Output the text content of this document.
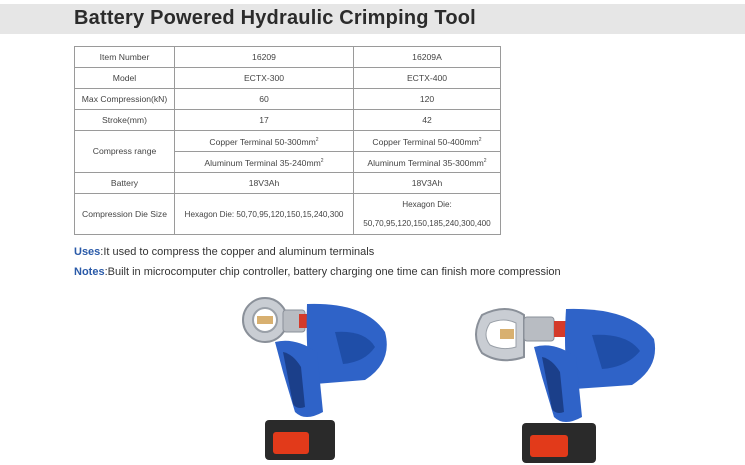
Battery Powered Hydraulic Crimping Tool
Item Number	16209	16209A
Model	ECTX-300	ECTX-400
Max Compression(kN)	60	120
Stroke(mm)	17	42
Compress range	Copper Terminal $50-300mm^2$	Copper Terminal $50-400mm^2$
	Aluminum Terminal $35-240mm^2$	Aluminum Terminal $35-300mm^2$
Battery	18V3Ah	18V3Ah
Compression Die Size	Hexagon Die: 50,70,95,120,150,15,240,300	Hexagon Die:
50,70,95,120,150,185,240,300,400
Uses:It used to compress the copper and aluminum terminals
Notes:Built in microcomputer chip controller, battery charging one time can finish more compression
